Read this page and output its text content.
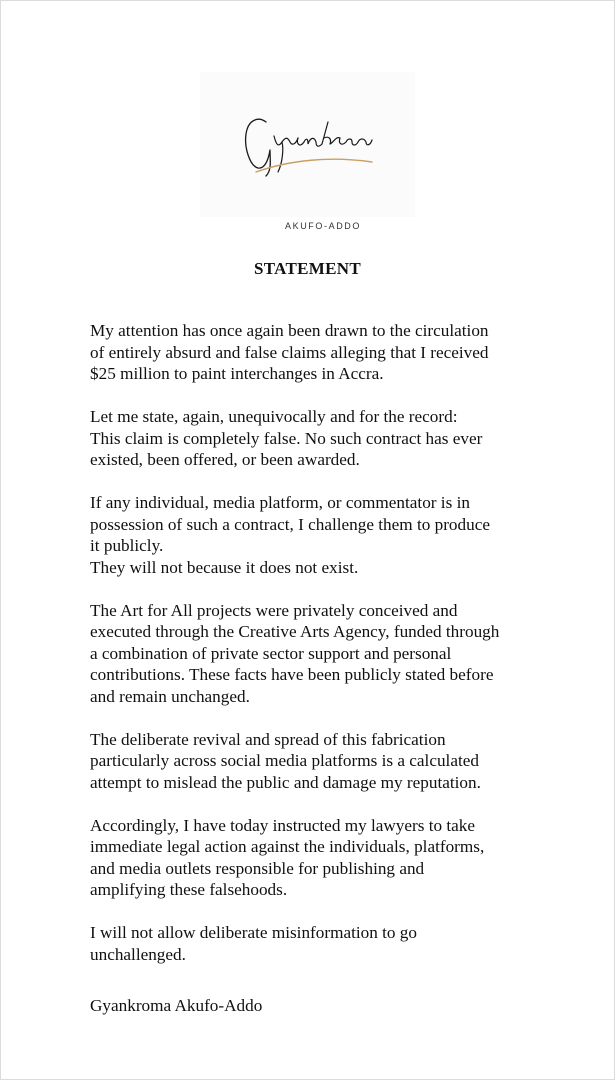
AKUFO-ADDO
STATEMENT

My attention has once again been drawn to the circulation
of entirely absurd and false claims alleging that I received
$25 million to paint interchanges in Accra.

Let me state, again, unequivocally and for the record:
This claim is completely false. No such contract has ever
existed, been offered, or been awarded.

If any individual, media platform, or commentator is in
possession of such a contract, I challenge them to produce
it publicly.
They will not because it does not exist.

The Art for All projects were privately conceived and
executed through the Creative Arts Agency, funded through
a combination of private sector support and personal
contributions. These facts have been publicly stated before
and remain unchanged.

The deliberate revival and spread of this fabrication
particularly across social media platforms is a calculated
attempt to mislead the public and damage my reputation.

Accordingly, I have today instructed my lawyers to take
immediate legal action against the individuals, platforms,
and media outlets responsible for publishing and
amplifying these falsehoods.

I will not allow deliberate misinformation to go
unchallenged.

Gyankroma Akufo-Addo
